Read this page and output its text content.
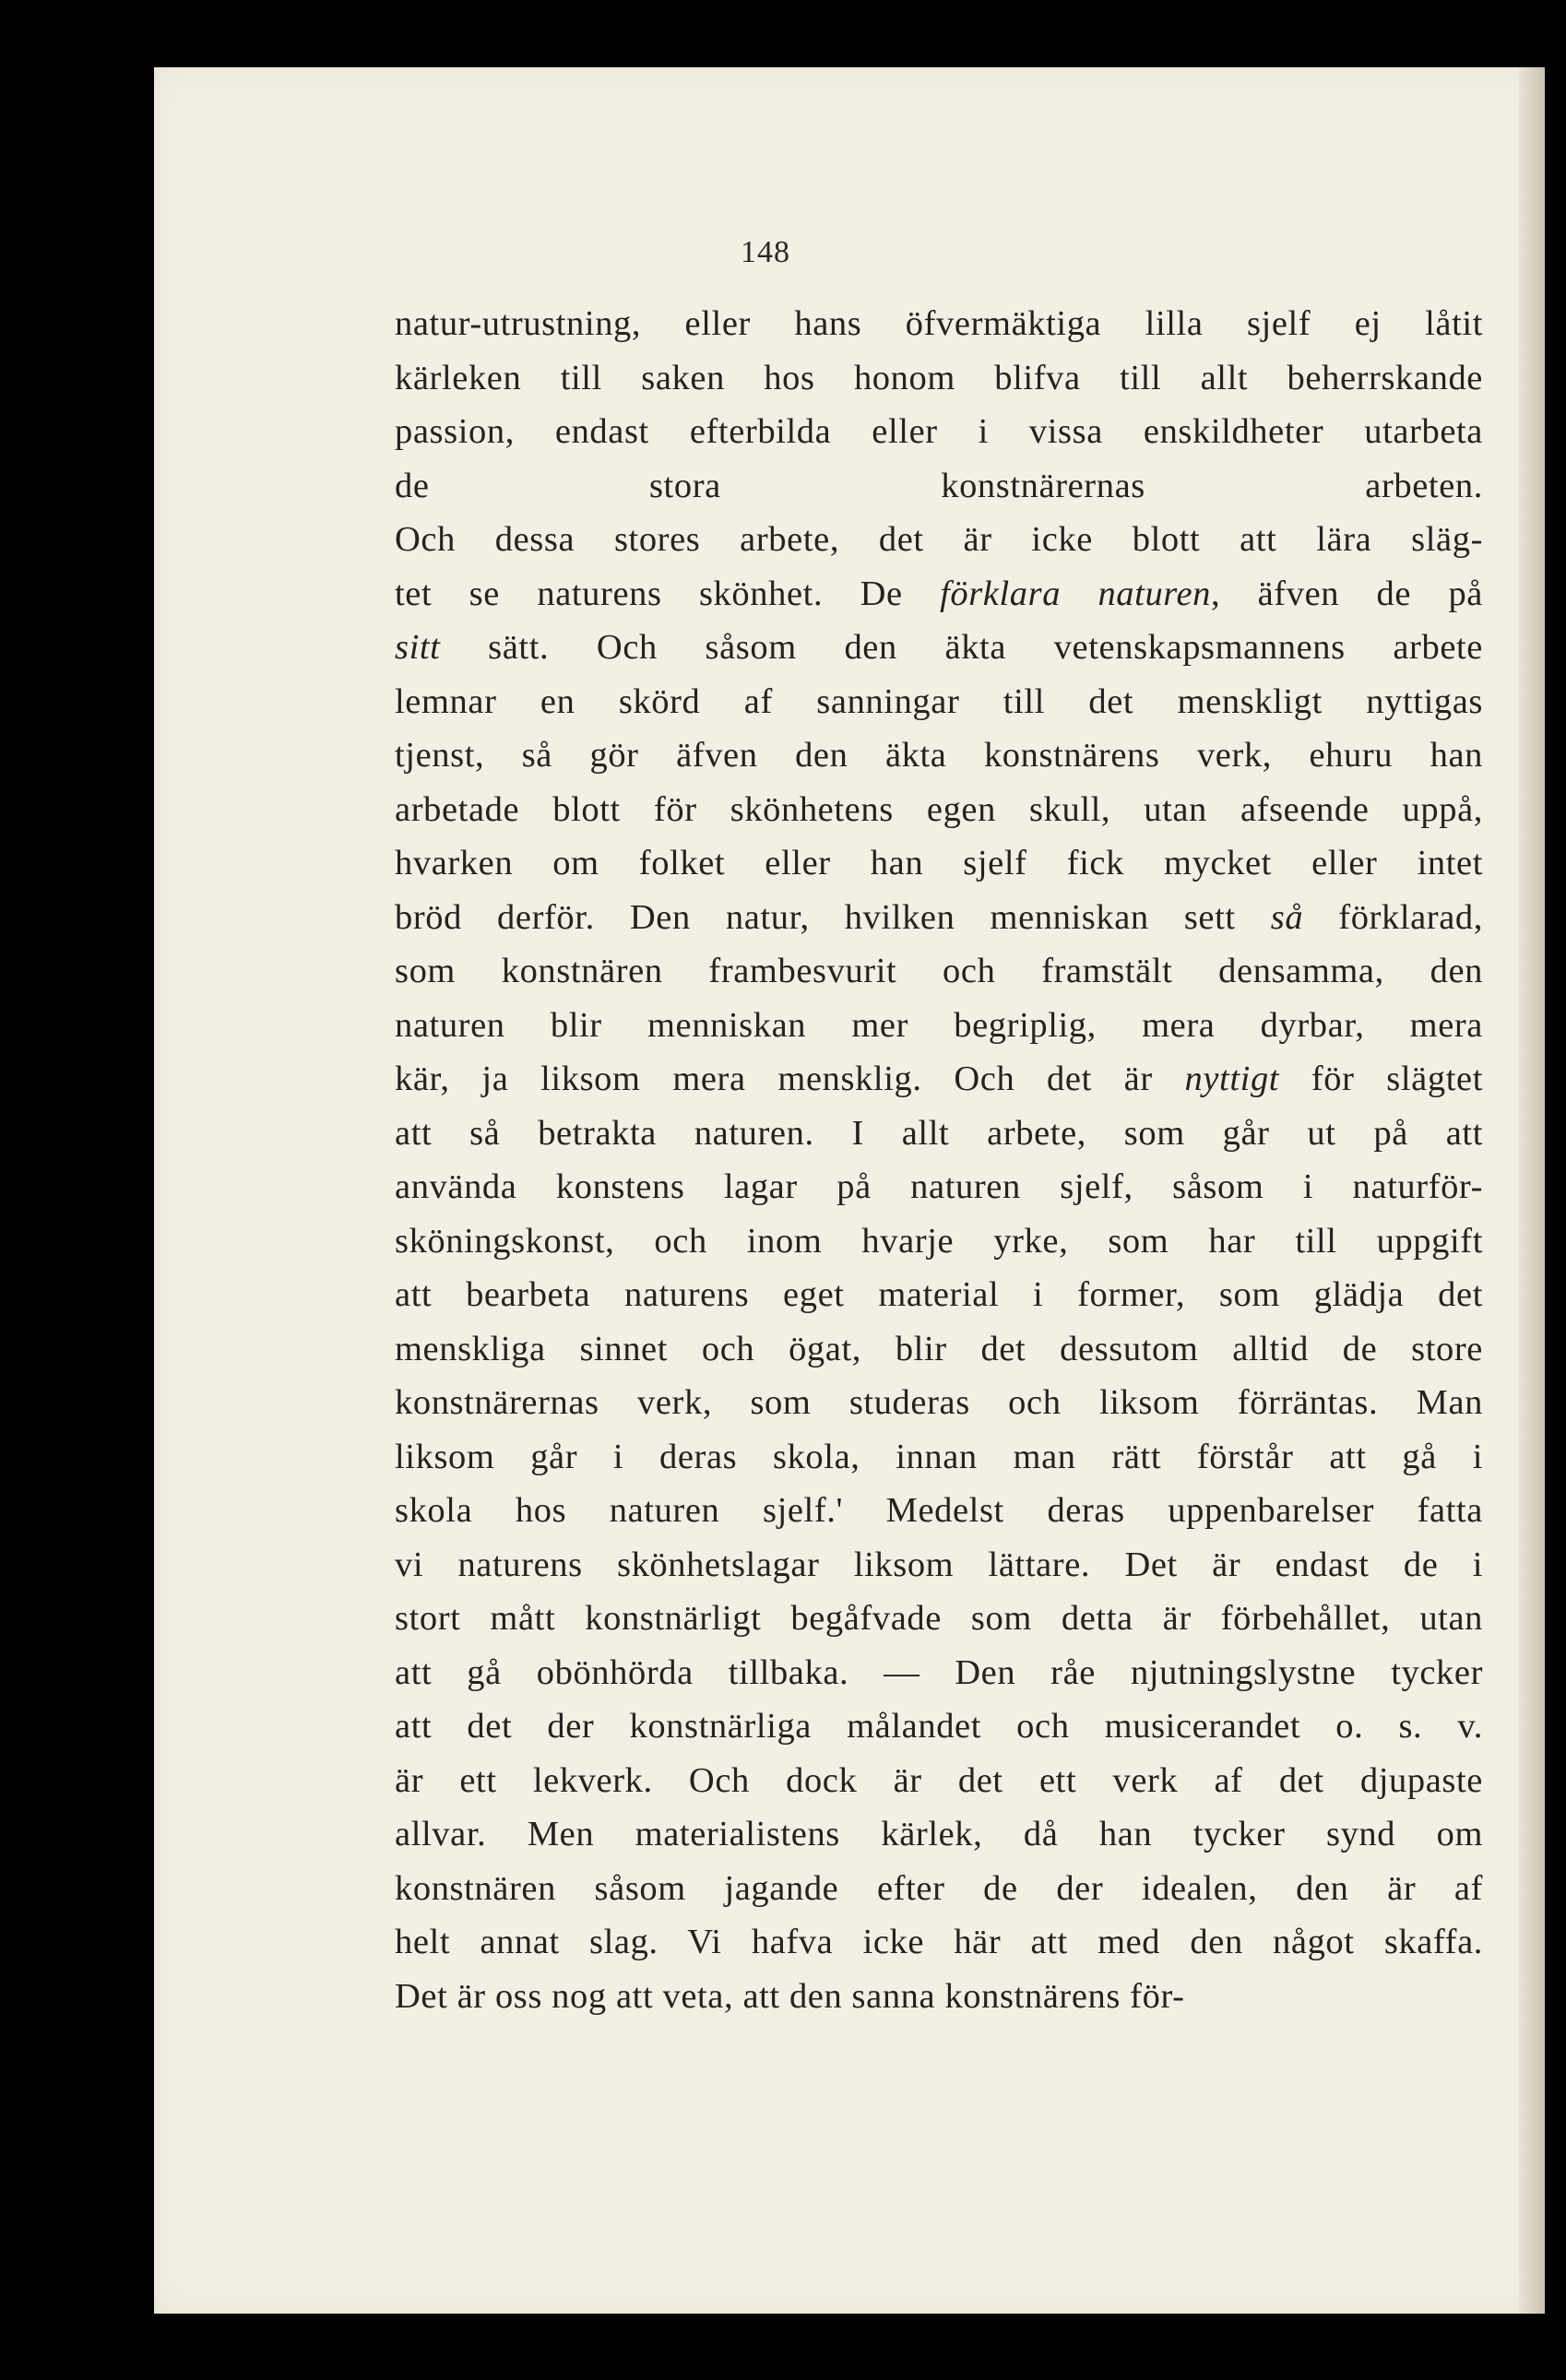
148

natur-utrustning, eller hans öfvermäktiga lilla sjelf ej låtit
kärleken till saken hos honom blifva till allt beherrskande
passion, endast efterbilda eller i vissa enskildheter utarbeta
de stora konstnärernas arbeten.
Och dessa stores arbete, det är icke blott att lära släg-
tet se naturens skönhet. De förklara naturen, äfven de på
sitt sätt. Och såsom den äkta vetenskapsmannens arbete
lemnar en skörd af sanningar till det menskligt nyttigas
tjenst, så gör äfven den äkta konstnärens verk, ehuru han
arbetade blott för skönhetens egen skull, utan afseende uppå,
hvarken om folket eller han sjelf fick mycket eller intet
bröd derför. Den natur, hvilken menniskan sett så förklarad,
som konstnären frambesvurit och framstält densamma, den
naturen blir menniskan mer begriplig, mera dyrbar, mera
kär, ja liksom mera mensklig. Och det är nyttigt för slägtet
att så betrakta naturen. I allt arbete, som går ut på att
använda konstens lagar på naturen sjelf, såsom i naturför-
sköningskonst, och inom hvarje yrke, som har till uppgift
att bearbeta naturens eget material i former, som glädja det
menskliga sinnet och ögat, blir det dessutom alltid de store
konstnärernas verk, som studeras och liksom förräntas. Man
liksom går i deras skola, innan man rätt förstår att gå i
skola hos naturen sjelf.' Medelst deras uppenbarelser fatta
vi naturens skönhetslagar liksom lättare. Det är endast de i
stort mått konstnärligt begåfvade som detta är förbehållet, utan
att gå obönhörda tillbaka. — Den råe njutningslystne tycker
att det der konstnärliga målandet och musicerandet o. s. v.
är ett lekverk. Och dock är det ett verk af det djupaste
allvar. Men materialistens kärlek, då han tycker synd om
konstnären såsom jagande efter de der idealen, den är af
helt annat slag. Vi hafva icke här att med den något skaffa.
Det är oss nog att veta, att den sanna konstnärens för-
